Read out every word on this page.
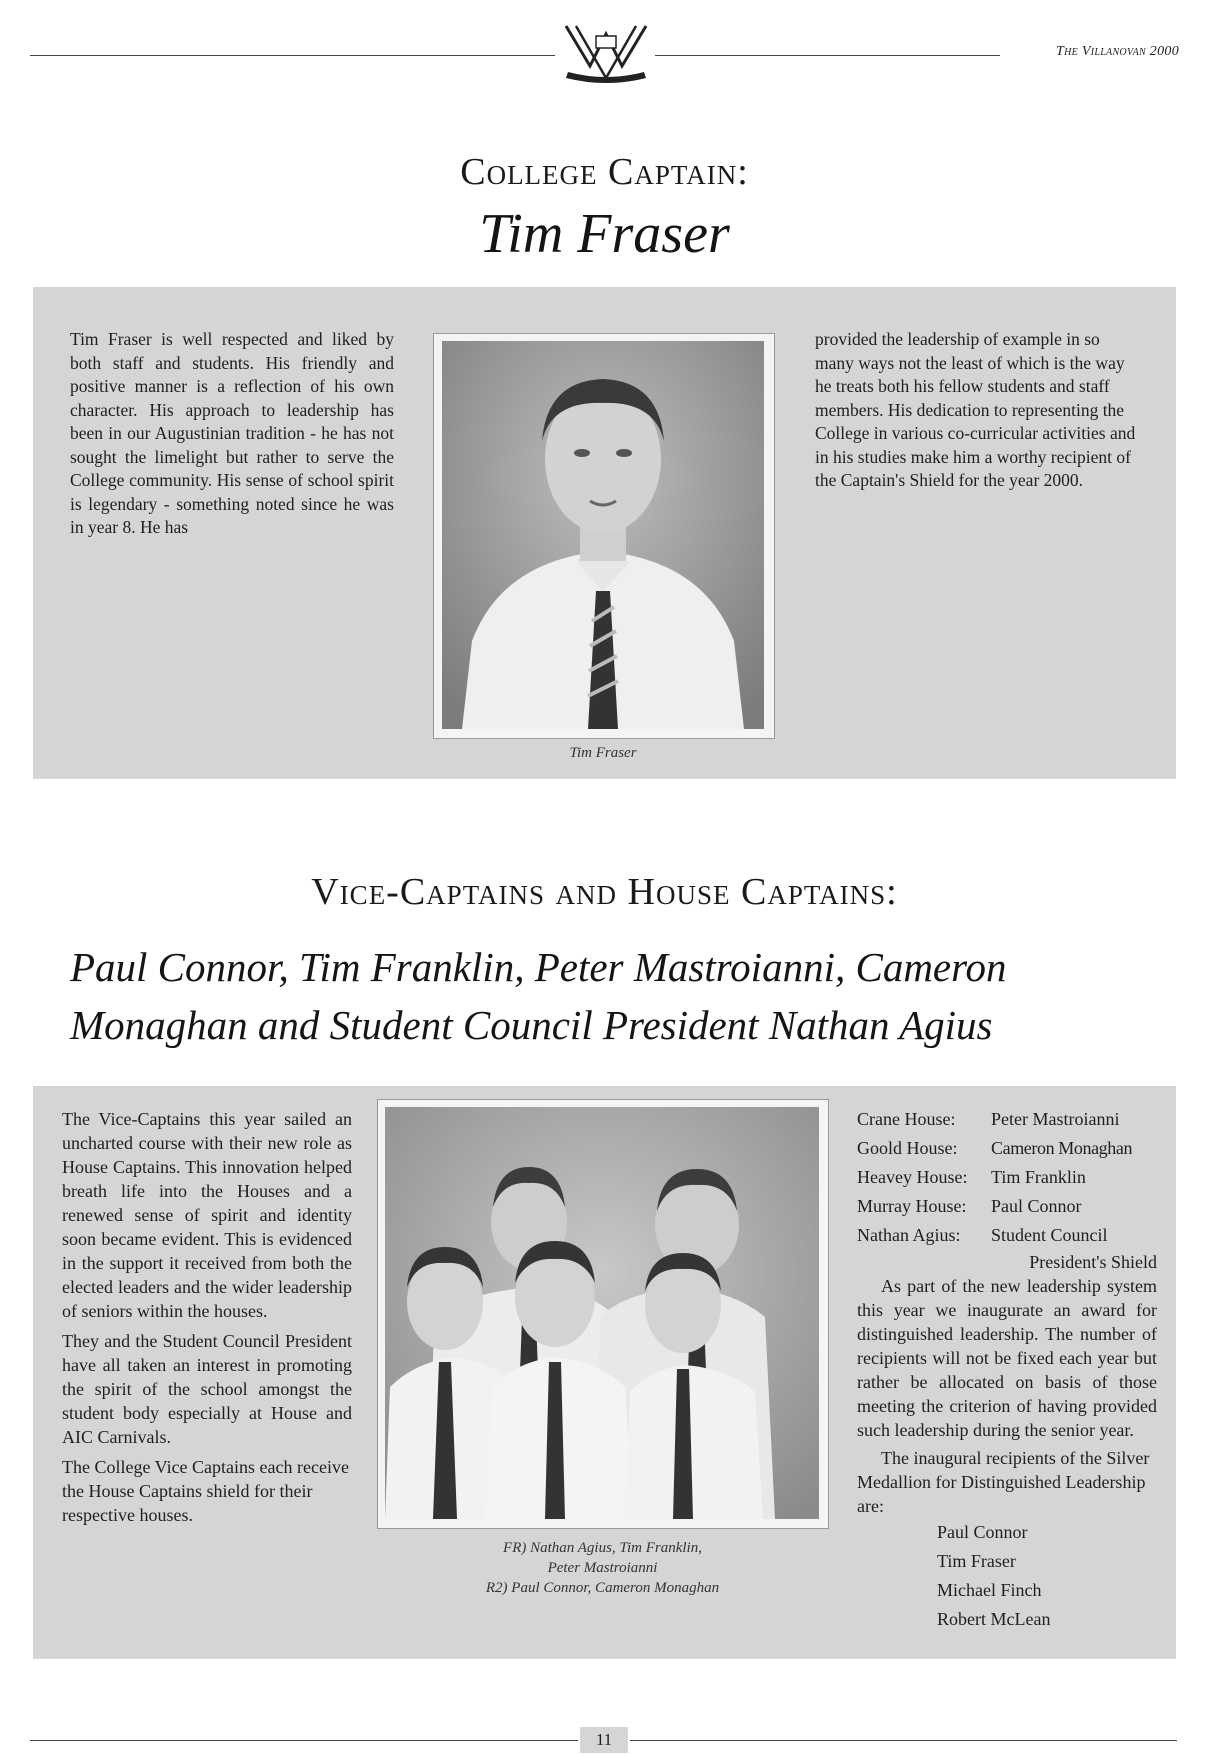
The Villanovan 2000
College Captain:
Tim Fraser
Tim Fraser is well respected and liked by both staff and students. His friendly and positive manner is a reflection of his own character. His approach to leadership has been in our Augustinian tradition - he has not sought the limelight but rather to serve the College community. His sense of school spirit is legendary - something noted since he was in year 8. He has
Tim Fraser
provided the leadership of example in so many ways not the least of which is the way he treats both his fellow students and staff members. His dedication to representing the College in various co-curricular activities and in his studies make him a worthy recipient of the Captain's Shield for the year 2000.
Vice-Captains and House Captains:
Paul Connor, Tim Franklin, Peter Mastroianni, Cameron Monaghan and Student Council President Nathan Agius

The Vice-Captains this year sailed an uncharted course with their new role as House Captains. This innovation helped breath life into the Houses and a renewed sense of spirit and identity soon became evident. This is evidenced in the support it received from both the elected leaders and the wider leadership of seniors within the houses.

They and the Student Council President have all taken an interest in promoting the spirit of the school amongst the student body especially at House and AIC Carnivals.

The College Vice Captains each receive the House Captains shield for their respective houses.

FR) Nathan Agius, Tim Franklin,
Peter Mastroianni
R2) Paul Connor, Cameron Monaghan
Crane House:	Peter Mastroianni
Goold House:	Cameron Monaghan
Heavey House:	Tim Franklin
Murray House:	Paul Connor
Nathan Agius:	Student Council
President's Shield

As part of the new leadership system this year we inaugurate an award for distinguished leadership. The number of recipients will not be fixed each year but rather be allocated on basis of those meeting the criterion of having provided such leadership during the senior year.

The inaugural recipients of the Silver Medallion for Distinguished Leadership are:

Paul Connor
Tim Fraser
Michael Finch
Robert McLean
11
